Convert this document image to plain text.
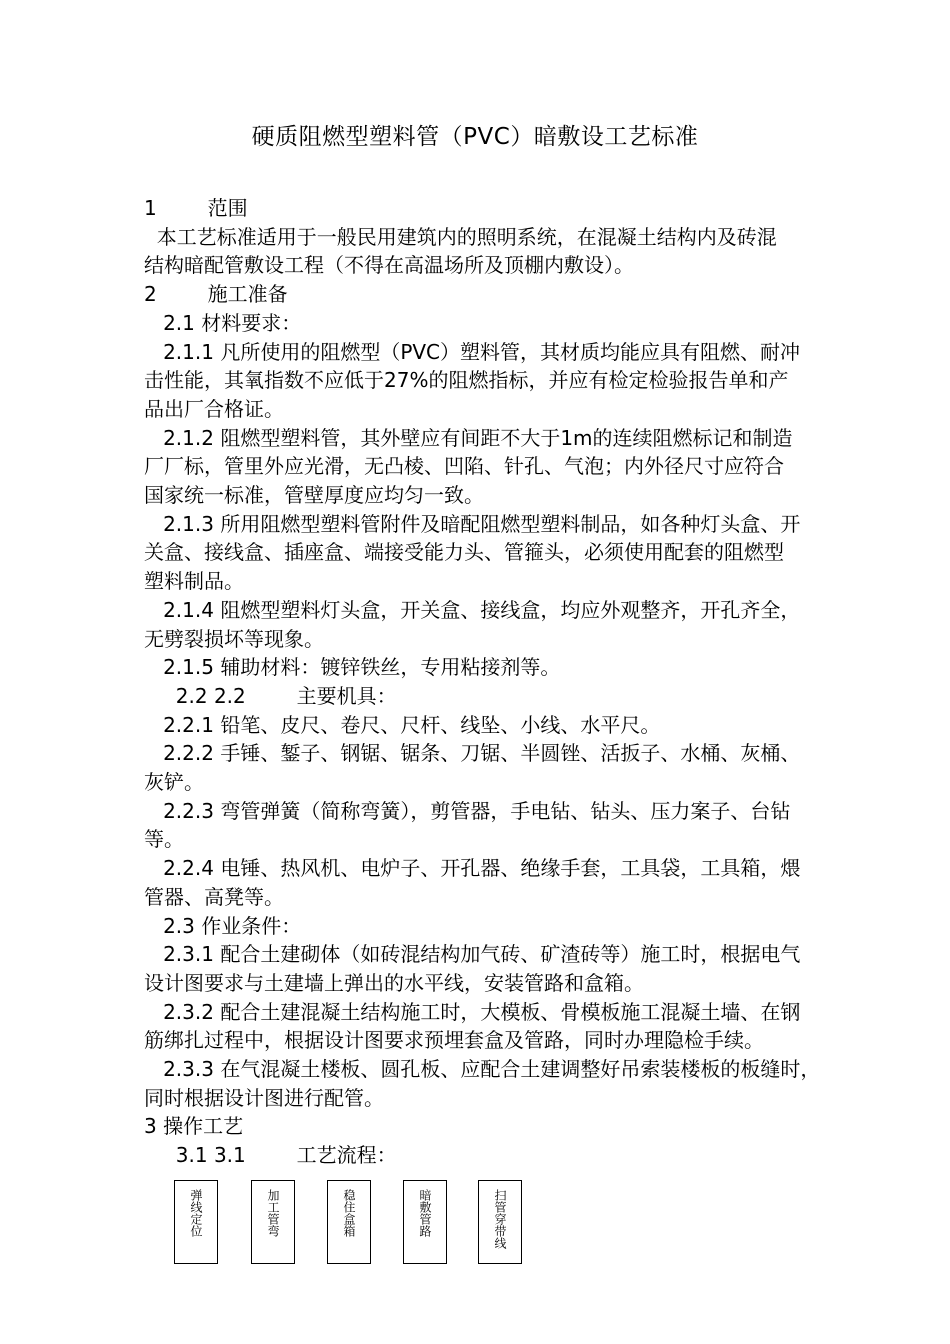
硬质阻燃型塑料管（PVC）暗敷设工艺标准
1        范围
本工艺标准适用于一般民用建筑内的照明系统，在混凝土结构内及砖混
结构暗配管敷设工程（不得在高温场所及顶棚内敷设）。
2        施工准备
2.1 材料要求：
2.1.1 凡所使用的阻燃型（PVC）塑料管，其材质均能应具有阻燃、耐冲
击性能，其氧指数不应低于27%的阻燃指标，并应有检定检验报告单和产
品出厂合格证。
2.1.2 阻燃型塑料管，其外壁应有间距不大于1m的连续阻燃标记和制造
厂厂标，管里外应光滑，无凸棱、凹陷、针孔、气泡；内外径尺寸应符合
国家统一标准，管壁厚度应均匀一致。
2.1.3 所用阻燃型塑料管附件及暗配阻燃型塑料制品，如各种灯头盒、开
关盒、接线盒、插座盒、端接受能力头、管箍头，必须使用配套的阻燃型
塑料制品。
2.1.4 阻燃型塑料灯头盒，开关盒、接线盒，均应外观整齐，开孔齐全，
无劈裂损坏等现象。
2.1.5 辅助材料：镀锌铁丝，专用粘接剂等。
2.2 2.2        主要机具：
2.2.1 铅笔、皮尺、卷尺、尺杆、线坠、小线、水平尺。
2.2.2 手锤、錾子、钢锯、锯条、刀锯、半圆锉、活扳子、水桶、灰桶、
灰铲。
2.2.3 弯管弹簧（简称弯簧），剪管器，手电钻、钻头、压力案子、台钻
等。
2.2.4 电锤、热风机、电炉子、开孔器、绝缘手套，工具袋，工具箱，煨
管器、高凳等。
2.3 作业条件：
2.3.1 配合土建砌体（如砖混结构加气砖、矿渣砖等）施工时，根据电气
设计图要求与土建墙上弹出的水平线，安装管路和盒箱。
2.3.2 配合土建混凝土结构施工时，大模板、骨模板施工混凝土墙、在钢
筋绑扎过程中，根据设计图要求预埋套盒及管路，同时办理隐检手续。
2.3.3 在气混凝土楼板、圆孔板、应配合土建调整好吊索装楼板的板缝时，
同时根据设计图进行配管。
3 操作工艺
3.1 3.1        工艺流程：
弹线定位	加工管弯	稳住盒箱	暗敷管路	扫管穿带线
